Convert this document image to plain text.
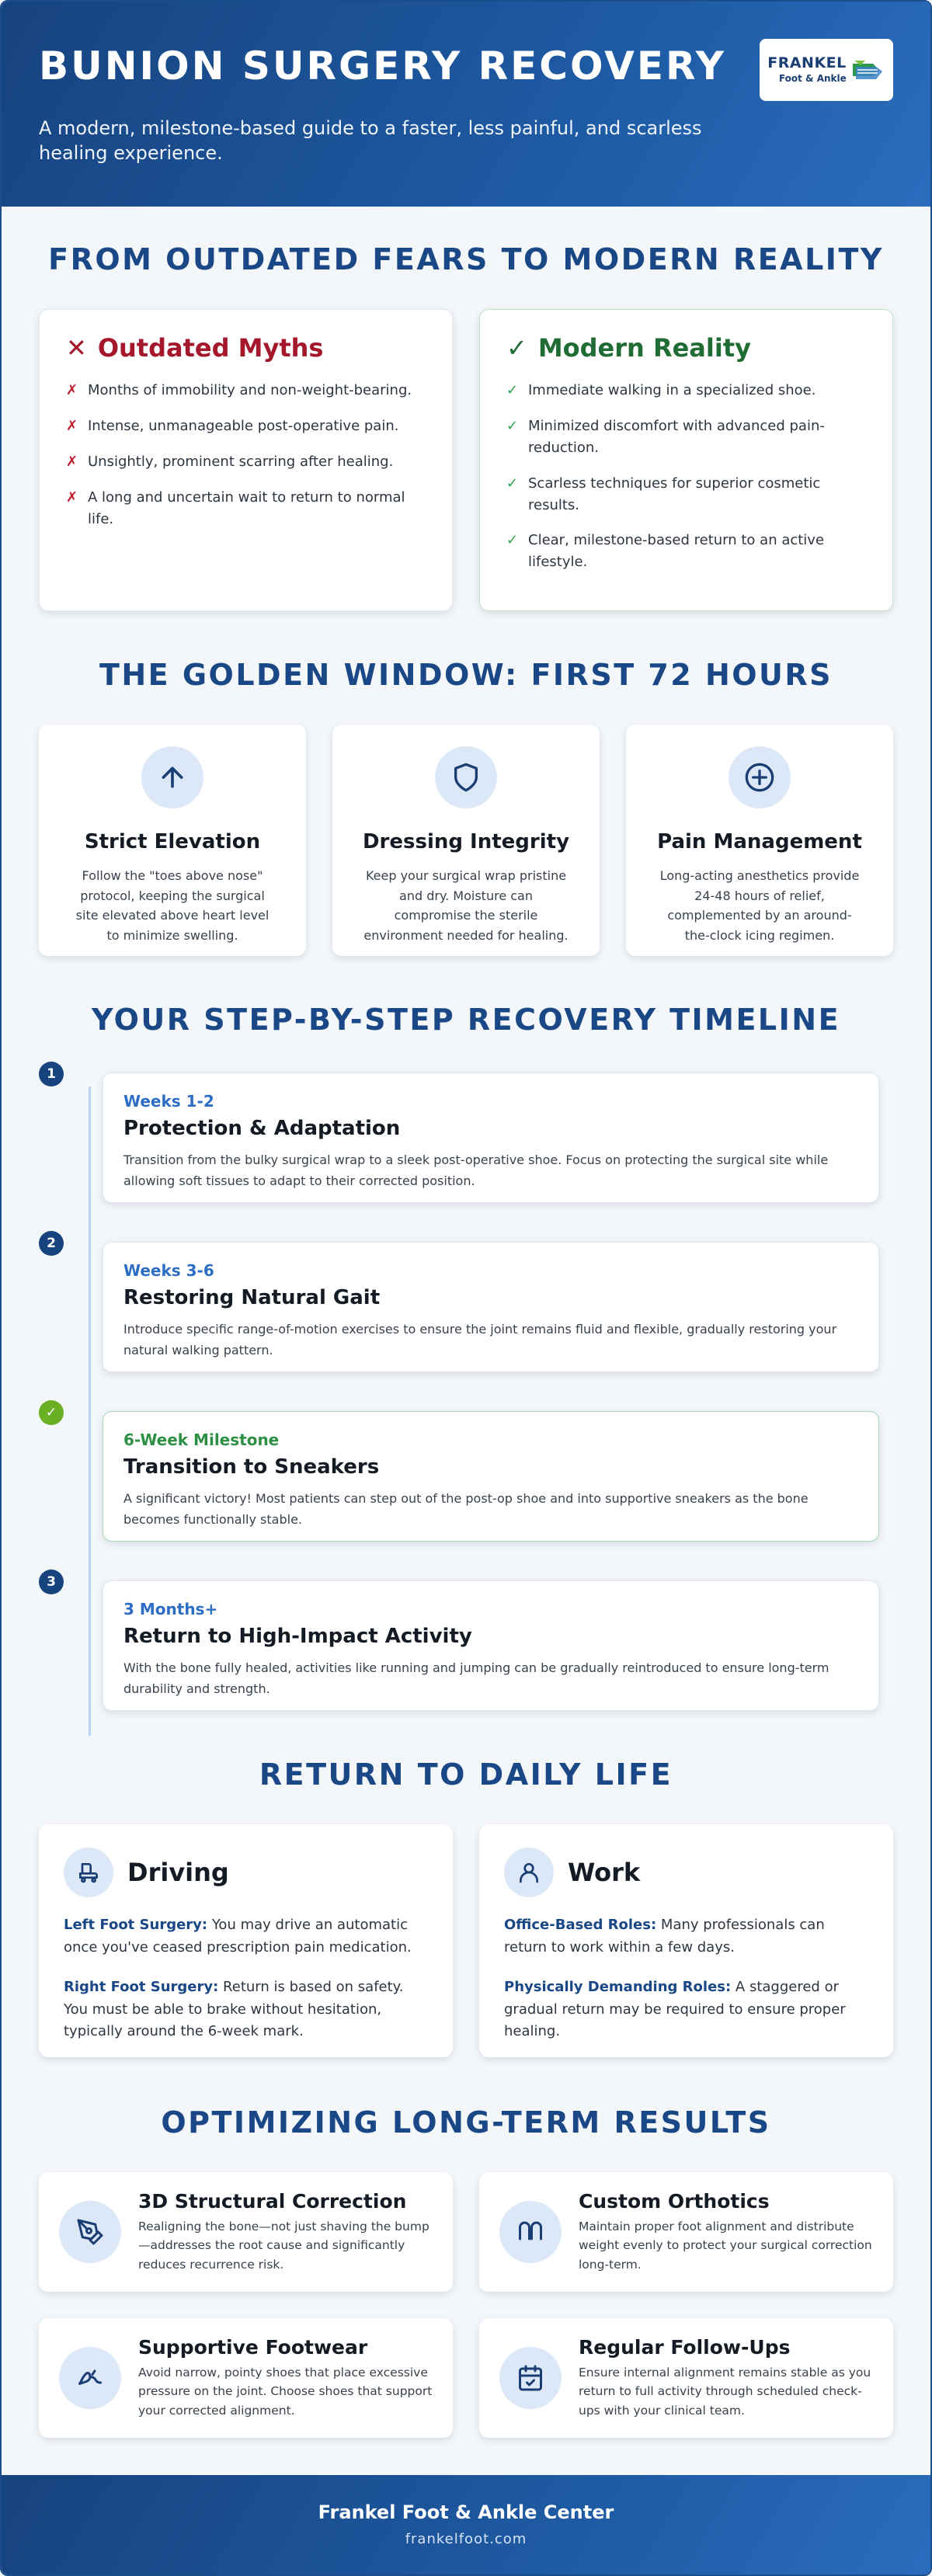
BUNION SURGERY RECOVERY

A modern, milestone-based guide to a faster, less painful, and scarless healing experience.

FRANKEL
Foot & Ankle
FROM OUTDATED FEARS TO MODERN REALITY
✕ Outdated Myths
✗ Months of immobility and non-weight-bearing.
✗ Intense, unmanageable post-operative pain.
✗ Unsightly, prominent scarring after healing.
✗ A long and uncertain wait to return to normal life.
✓ Modern Reality
✓ Immediate walking in a specialized shoe.
✓ Minimized discomfort with advanced pain-reduction.
✓ Scarless techniques for superior cosmetic results.
✓ Clear, milestone-based return to an active lifestyle.
THE GOLDEN WINDOW: FIRST 72 HOURS
Strict Elevation

Follow the "toes above nose" protocol, keeping the surgical site elevated above heart level to minimize swelling.

Dressing Integrity

Keep your surgical wrap pristine and dry. Moisture can compromise the sterile environment needed for healing.

Pain Management

Long-acting anesthetics provide 24-48 hours of relief, complemented by an around-the-clock icing regimen.

YOUR STEP-BY-STEP RECOVERY TIMELINE
1
Weeks 1-2
Protection & Adaptation

Transition from the bulky surgical wrap to a sleek post-operative shoe. Focus on protecting the surgical site while allowing soft tissues to adapt to their corrected position.

2
Weeks 3-6
Restoring Natural Gait

Introduce specific range-of-motion exercises to ensure the joint remains fluid and flexible, gradually restoring your natural walking pattern.

✓
6-Week Milestone
Transition to Sneakers

A significant victory! Most patients can step out of the post-op shoe and into supportive sneakers as the bone becomes functionally stable.

3
3 Months+
Return to High-Impact Activity

With the bone fully healed, activities like running and jumping can be gradually reintroduced to ensure long-term durability and strength.

RETURN TO DAILY LIFE
Driving

Left Foot Surgery: You may drive an automatic once you've ceased prescription pain medication.

Right Foot Surgery: Return is based on safety. You must be able to brake without hesitation, typically around the 6-week mark.

Work

Office-Based Roles: Many professionals can return to work within a few days.

Physically Demanding Roles: A staggered or gradual return may be required to ensure proper healing.

OPTIMIZING LONG-TERM RESULTS
3D Structural Correction

Realigning the bone—not just shaving the bump—addresses the root cause and significantly reduces recurrence risk.

Custom Orthotics

Maintain proper foot alignment and distribute weight evenly to protect your surgical correction long-term.

Supportive Footwear

Avoid narrow, pointy shoes that place excessive pressure on the joint. Choose shoes that support your corrected alignment.

Regular Follow-Ups

Ensure internal alignment remains stable as you return to full activity through scheduled check-ups with your clinical team.

Frankel Foot & Ankle Center
frankelfoot.com
